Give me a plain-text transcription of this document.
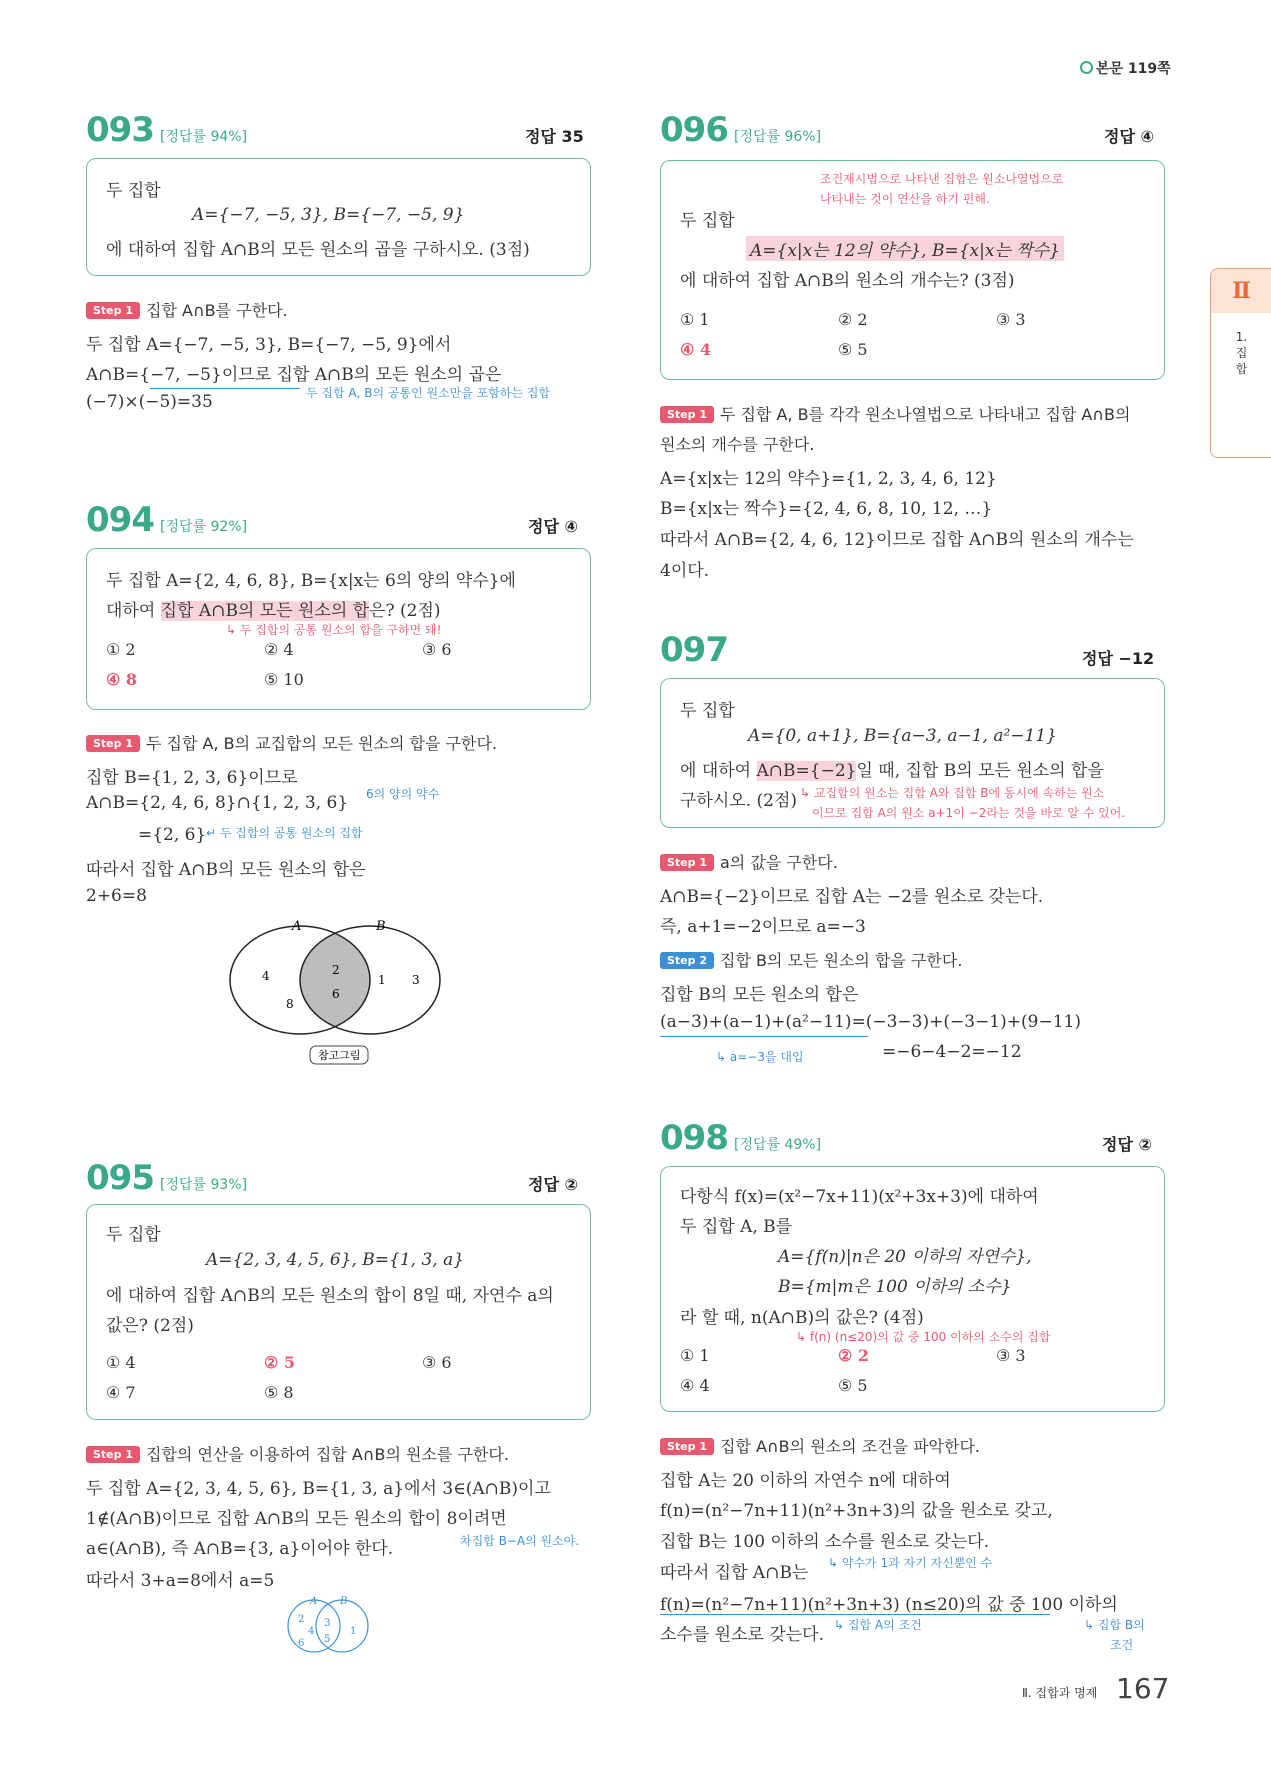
본문 119쪽
Ⅱ
1.
집
합
093 [정답률 94%]	정답 35
두 집합
A={−7, −5, 3}, B={−7, −5, 9}
에 대하여 집합 A∩B의 모든 원소의 곱을 구하시오. (3점)
Step 1 집합 A∩B를 구한다.
두 집합 A={−7, −5, 3}, B={−7, −5, 9}에서
A∩B={−7, −5}이므로 집합 A∩B의 모든 원소의 곱은
(−7)×(−5)=35	두 집합 A, B의 공통인 원소만을 포함하는 집합
094 [정답률 92%]	정답 ④
두 집합 A={2, 4, 6, 8}, B={x|x는 6의 양의 약수}에
대하여 집합 A∩B의 모든 원소의 합은? (2점)
↳ 두 집합의 공통 원소의 합을 구하면 돼!
① 2	② 4	③ 6
④ 8	⑤ 10
Step 1 두 집합 A, B의 교집합의 모든 원소의 합을 구한다.
집합 B={1, 2, 3, 6}이므로
A∩B={2, 4, 6, 8}∩{1, 2, 3, 6} 6의 양의 약수
={2, 6} ↵ 두 집합의 공통 원소의 집합
따라서 집합 A∩B의 모든 원소의 합은
2+6=8
A	B
4
8
2
6
1 3
참고그림
095 [정답률 93%]	정답 ②
두 집합
A={2, 3, 4, 5, 6}, B={1, 3, a}
에 대하여 집합 A∩B의 모든 원소의 합이 8일 때, 자연수 a의
값은? (2점)
① 4	② 5	③ 6
④ 7	⑤ 8
Step 1 집합의 연산을 이용하여 집합 A∩B의 원소를 구한다.
두 집합 A={2, 3, 4, 5, 6}, B={1, 3, a}에서 3∈(A∩B)이고
1∉(A∩B)이므로 집합 A∩B의 모든 원소의 합이 8이려면
a∈(A∩B), 즉 A∩B={3, a}이어야 한다.	차집합 B−A의 원소야.
따라서 3+a=8에서 a=5
A B
2
4
6
3
5
1
096 [정답률 96%]	정답 ④
조건제시법으로 나타낸 집합은 원소나열법으로
나타내는 것이 연산을 하기 편해.
두 집합
A={x|x는 12의 약수}, B={x|x는 짝수}
에 대하여 집합 A∩B의 원소의 개수는? (3점)
① 1	② 2	③ 3
④ 4	⑤ 5
Step 1 두 집합 A, B를 각각 원소나열법으로 나타내고 집합 A∩B의
원소의 개수를 구한다.
A={x|x는 12의 약수}={1, 2, 3, 4, 6, 12}
B={x|x는 짝수}={2, 4, 6, 8, 10, 12, …}
따라서 A∩B={2, 4, 6, 12}이므로 집합 A∩B의 원소의 개수는
4이다.
097	정답 −12
두 집합
A={0, a+1}, B={a−3, a−1, a²−11}
에 대하여 A∩B={−2}일 때, 집합 B의 모든 원소의 합을
구하시오. (2점) ↳ 교집합의 원소는 집합 A와 집합 B에 동시에 속하는 원소
이므로 집합 A의 원소 a+1이 −2라는 것을 바로 알 수 있어.
Step 1 a의 값을 구한다.
A∩B={−2}이므로 집합 A는 −2를 원소로 갖는다.
즉, a+1=−2이므로 a=−3
Step 2 집합 B의 모든 원소의 합을 구한다.
집합 B의 모든 원소의 합은
(a−3)+(a−1)+(a²−11)=(−3−3)+(−3−1)+(9−11)
↳ a=−3을 대입	=−6−4−2=−12
098 [정답률 49%]	정답 ②
다항식 f(x)=(x²−7x+11)(x²+3x+3)에 대하여
두 집합 A, B를
A={f(n)|n은 20 이하의 자연수},
B={m|m은 100 이하의 소수}
라 할 때, n(A∩B)의 값은? (4점)
↳ f(n) (n≤20)의 값 중 100 이하의 소수의 집합
① 1	② 2	③ 3
④ 4	⑤ 5
Step 1 집합 A∩B의 원소의 조건을 파악한다.
집합 A는 20 이하의 자연수 n에 대하여
f(n)=(n²−7n+11)(n²+3n+3)의 값을 원소로 갖고,
집합 B는 100 이하의 소수를 원소로 갖는다.
따라서 집합 A∩B는 ↳ 약수가 1과 자기 자신뿐인 수
f(n)=(n²−7n+11)(n²+3n+3) (n≤20)의 값 중 100 이하의
소수를 원소로 갖는다. ↳ 집합 A의 조건	↳ 집합 B의
조건
Ⅱ. 집합과 명제 167
